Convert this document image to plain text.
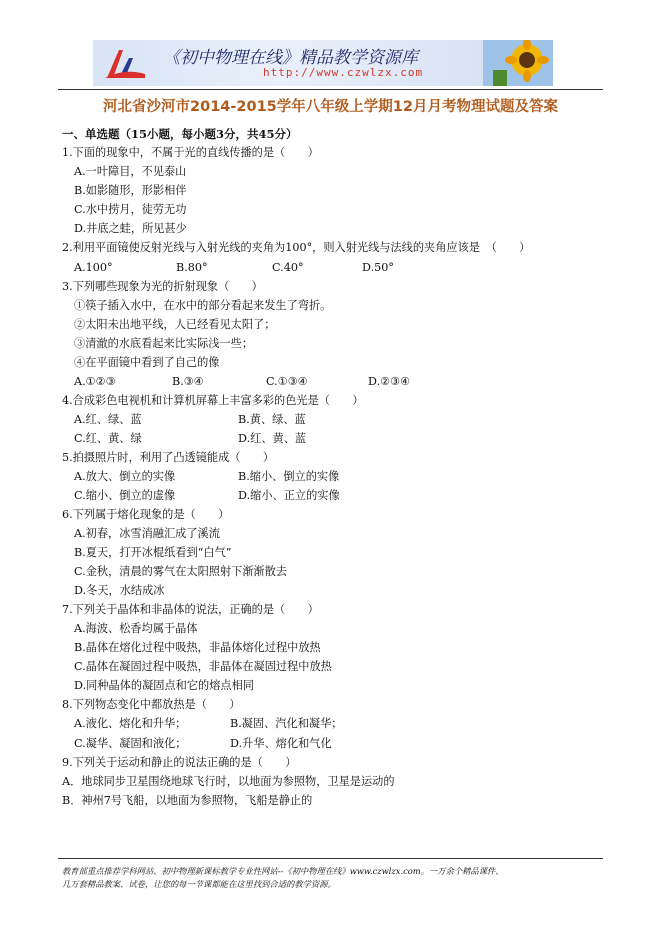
《初中物理在线》精品教学资源库
http://www.czwlzx.com
河北省沙河市2014-2015学年八年级上学期12月月考物理试题及答案
一、单选题（15小题，每小题3分，共45分）
1.下面的现象中，不属于光的直线传播的是（　　）
A.一叶障目，不见泰山
B.如影随形，形影相伴
C.水中捞月，徒劳无功
D.井底之蛙，所见甚少
2.利用平面镜使反射光线与入射光线的夹角为100°，则入射光线与法线的夹角应该是　（　　）
A.100°	B.80°	C.40°	D.50°
3.下列哪些现象为光的折射现象（　　）
①筷子插入水中，在水中的部分看起来发生了弯折。
②太阳未出地平线，人已经看见太阳了；
③清澈的水底看起来比实际浅一些；
④在平面镜中看到了自己的像
A.①②③	B.③④	C.①③④	D.②③④
4.合成彩色电视机和计算机屏幕上丰富多彩的色光是（　　）
A.红、绿、蓝	B.黄、绿、蓝
C.红、黄、绿	D.红、黄、蓝
5.拍摄照片时，利用了凸透镜能成（　　）
A.放大、倒立的实像	B.缩小、倒立的实像
C.缩小、倒立的虚像	D.缩小、正立的实像
6.下列属于熔化现象的是（　　）
A.初春，冰雪消融汇成了溪流
B.夏天，打开冰棍纸看到“白气”
C.金秋，清晨的雾气在太阳照射下渐渐散去
D.冬天，水结成冰
7.下列关于晶体和非晶体的说法，正确的是（　　）
A.海波、松香均属于晶体
B.晶体在熔化过程中吸热，非晶体熔化过程中放热
C.晶体在凝固过程中吸热，非晶体在凝固过程中放热
D.同种晶体的凝固点和它的熔点相同
8.下列物态变化中都放热是（　　）
A.液化、熔化和升华；	B.凝固、汽化和凝华；
C.凝华、凝固和液化；	D.升华、熔化和气化
9.下列关于运动和静止的说法正确的是（　　）
A．地球同步卫星围绕地球飞行时，以地面为参照物，卫星是运动的
B．神州7号飞船，以地面为参照物，飞船是静止的
教育部重点推荐学科网站、初中物理新课标教学专业性网站--《初中物理在线》www.czwlzx.com。一万余个精品课件、
几万套精品教案、试卷，让您的每一节课都能在这里找到合适的教学资源。
